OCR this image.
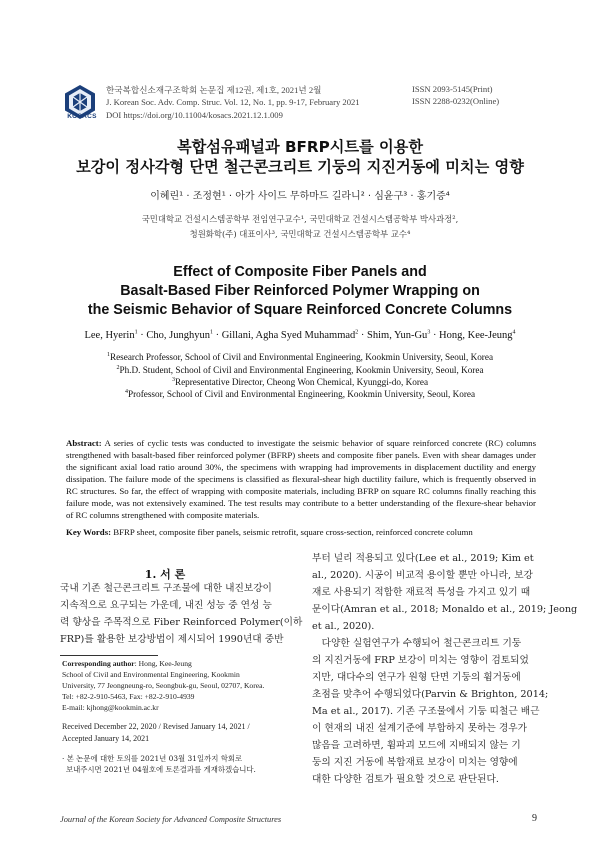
KOSACS
한국복합신소재구조학회 논문집 제12권, 제1호, 2021년 2월
J. Korean Soc. Adv. Comp. Struc. Vol. 12, No. 1, pp. 9-17, February 2021
DOI https://doi.org/10.11004/kosacs.2021.12.1.009
ISSN 2093-5145(Print)
ISSN 2288-0232(Online)
복합섬유패널과 BFRP시트를 이용한
보강이 정사각형 단면 철근콘크리트 기둥의 지진거동에 미치는 영향
이혜린¹ · 조정현¹ · 아가 사이드 무하마드 길라니² · 심윤구³ · 홍기증⁴
국민대학교 건설시스템공학부 전임연구교수¹, 국민대학교 건설시스템공학부 박사과정²,
청원화학(주) 대표이사³, 국민대학교 건설시스템공학부 교수⁴
Effect of Composite Fiber Panels and
Basalt-Based Fiber Reinforced Polymer Wrapping on
the Seismic Behavior of Square Reinforced Concrete Columns
Lee, Hyerin$^1$ · Cho, Junghyun$^1$ · Gillani, Agha Syed Muhammad$^2$ · Shim, Yun-$Gu^3$ · Hong, Kee-Jeung$^4$
$^1$Research Professor, School of Civil and Environmental Engineering, Kookmin University, Seoul, Korea
$^2$Ph.D. Student, School of Civil and Environmental Engineering, Kookmin University, Seoul, Korea
$^3$Representative Director, Cheong Won Chemical, Kyunggi-do, Korea
$^4$Professor, School of Civil and Environmental Engineering, Kookmin University, Seoul, Korea
Abstract: A series of cyclic tests was conducted to investigate the seismic behavior of square reinforced concrete (RC) columns strengthened with basalt-based fiber reinforced polymer (BFRP) sheets and composite fiber panels. Even with shear damages under the significant axial load ratio around 30%, the specimens with wrapping had improvements in displacement ductility and energy dissipation. The failure mode of the specimens is classified as flexural-shear high ductility failure, which is frequently observed in RC structures. So far, the effect of wrapping with composite materials, including BFRP on square RC columns finally reaching this failure mode, was not extensively examined. The test results may contribute to a better understanding of the flexure-shear behavior of RC columns strengthened with composite materials.
Key Words: BFRP sheet, composite fiber panels, seismic retrofit, square cross-section, reinforced concrete column
1. 서 론
국내 기존 철근콘크리트 구조물에 대한 내진보강이
지속적으로 요구되는 가운데, 내진 성능 중 연성 능
력 향상을 주목적으로 Fiber Reinforced Polymer(이하
FRP)를 활용한 보강방법이 제시되어 1990년대 중반
부터 널리 적용되고 있다(Lee et al., 2019; Kim et
al., 2020). 시공이 비교적 용이할 뿐만 아니라, 보강
재로 사용되기 적합한 재료적 특성을 가지고 있기 때
문이다(Amran et al., 2018; Monaldo et al., 2019; Jeong
et al., 2020).
　다양한 실험연구가 수행되어 철근콘크리트 기둥
의 지진거동에 FRP 보강이 미치는 영향이 검토되었
지만, 대다수의 연구가 원형 단면 기둥의 휨거동에
초점을 맞추어 수행되었다(Parvin & Brighton, 2014;
Ma et al., 2017). 기존 구조물에서 기둥 띠철근 배근
이 현재의 내진 설계기준에 부합하지 못하는 경우가
많음을 고려하면, 휨파괴 모드에 지배되지 않는 기
둥의 지진 거동에 복합재료 보강이 미치는 영향에
대한 다양한 검토가 필요할 것으로 판단된다.
Corresponding author: Hong, Kee-Jeung
School of Civil and Environmental Engineering, Kookmin
University, 77 Jeongneung-ro, Seongbuk-gu, Seoul, 02707, Korea.
Tel: +82-2-910-5463, Fax: +82-2-910-4939
E-mail: kjhong@kookmin.ac.kr
Received December 22, 2020 / Revised January 14, 2021 /
Accepted January 14, 2021
· 본 논문에 대한 토의를 2021년 03월 31일까지 학회로
보내주시면 2021년 04월호에 토론결과를 게재하겠습니다.
Journal of the Korean Society for Advanced Composite Structures	9
